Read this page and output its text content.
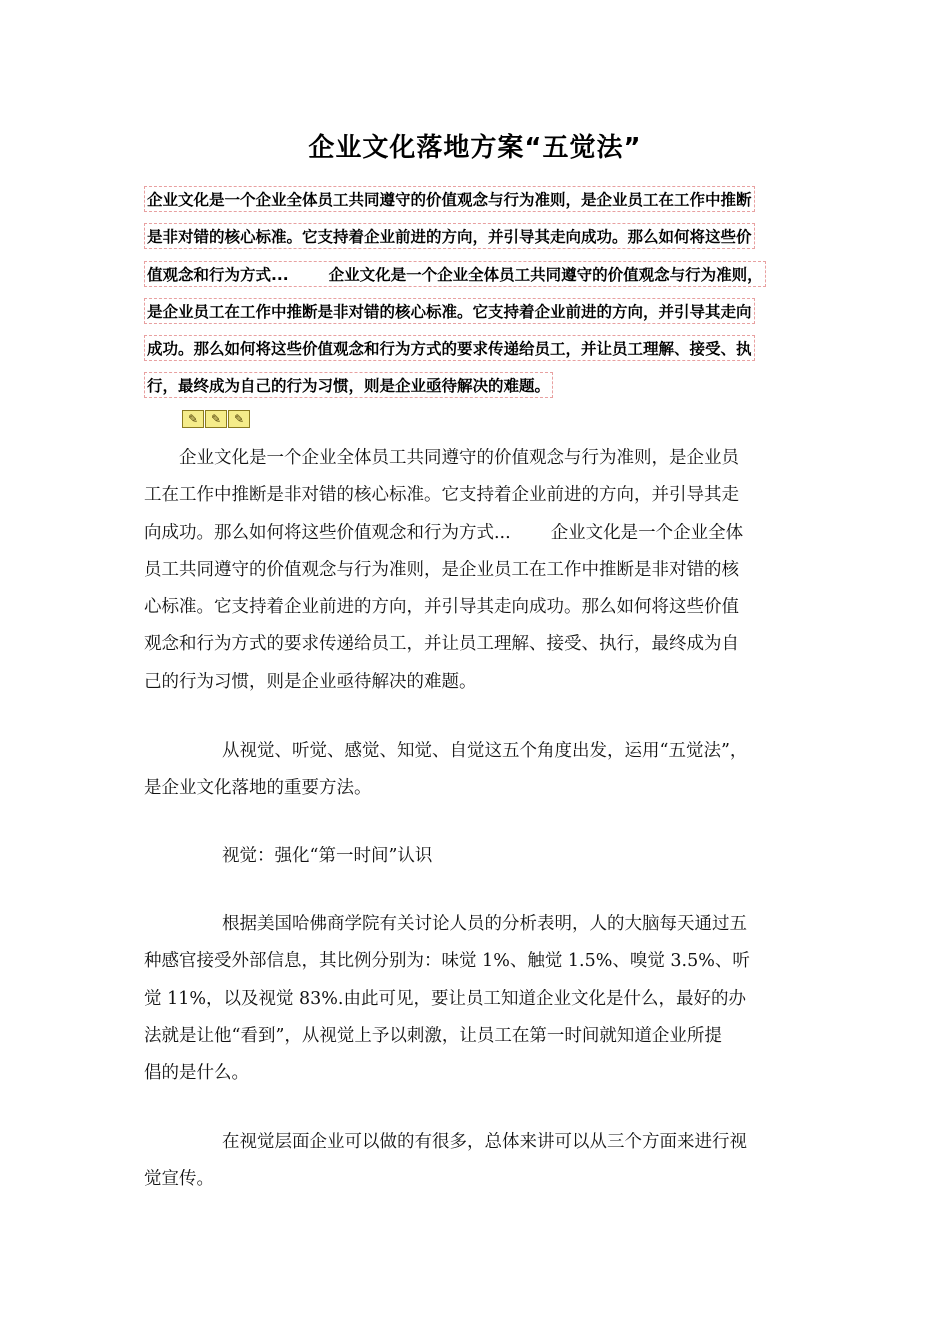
企业文化落地方案“五觉法”
企业文化是一个企业全体员工共同遵守的价值观念与行为准则，是企业员工在工作中推断
是非对错的核心标准。它支持着企业前进的方向，并引导其走向成功。那么如何将这些价
值观念和行为方式...	企业文化是一个企业全体员工共同遵守的价值观念与行为准则，
是企业员工在工作中推断是非对错的核心标准。它支持着企业前进的方向，并引导其走向
成功。那么如何将这些价值观念和行为方式的要求传递给员工，并让员工理解、接受、执
行，最终成为自己的行为习惯，则是企业亟待解决的难题。
✎	✎	✎
企业文化是一个企业全体员工共同遵守的价值观念与行为准则，是企业员
工在工作中推断是非对错的核心标准。它支持着企业前进的方向，并引导其走
向成功。那么如何将这些价值观念和行为方式... 企业文化是一个企业全体
员工共同遵守的价值观念与行为准则，是企业员工在工作中推断是非对错的核
心标准。它支持着企业前进的方向，并引导其走向成功。那么如何将这些价值
观念和行为方式的要求传递给员工，并让员工理解、接受、执行，最终成为自
己的行为习惯，则是企业亟待解决的难题。
从视觉、听觉、感觉、知觉、自觉这五个角度出发，运用“五觉法”，
是企业文化落地的重要方法。
视觉：强化“第一时间”认识
根据美国哈佛商学院有关讨论人员的分析表明，人的大脑每天通过五
种感官接受外部信息，其比例分别为：味觉 1%、触觉 1.5%、嗅觉 3.5%、听
觉 11%，以及视觉 83%.由此可见，要让员工知道企业文化是什么，最好的办
法就是让他“看到”，从视觉上予以刺激，让员工在第一时间就知道企业所提
倡的是什么。
在视觉层面企业可以做的有很多，总体来讲可以从三个方面来进行视
觉宣传。
